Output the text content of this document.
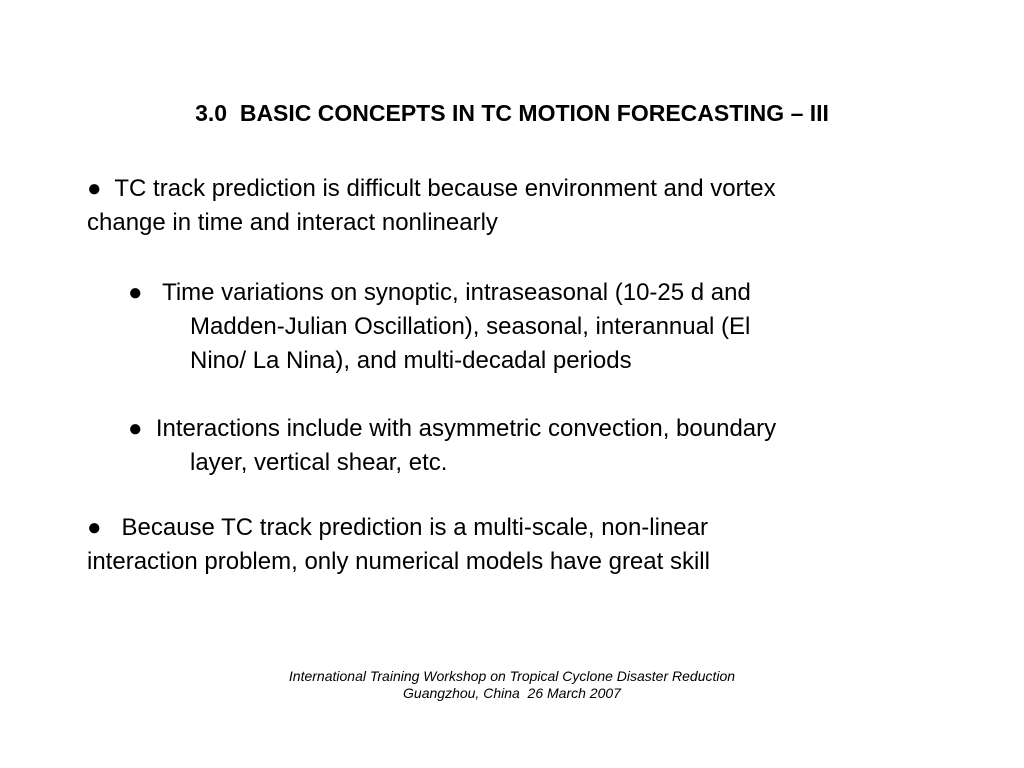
3.0  BASIC CONCEPTS IN TC MOTION FORECASTING – III
●  TC track prediction is difficult because environment and vortex
change in time and interact nonlinearly
●   Time variations on synoptic, intraseasonal (10-25 d and
Madden-Julian Oscillation), seasonal, interannual (El
Nino/ La Nina), and multi-decadal periods
●  Interactions include with asymmetric convection, boundary
layer, vertical shear, etc.
●   Because TC track prediction is a multi-scale, non-linear
interaction problem, only numerical models have great skill
International Training Workshop on Tropical Cyclone Disaster Reduction
Guangzhou, China  26 March 2007
